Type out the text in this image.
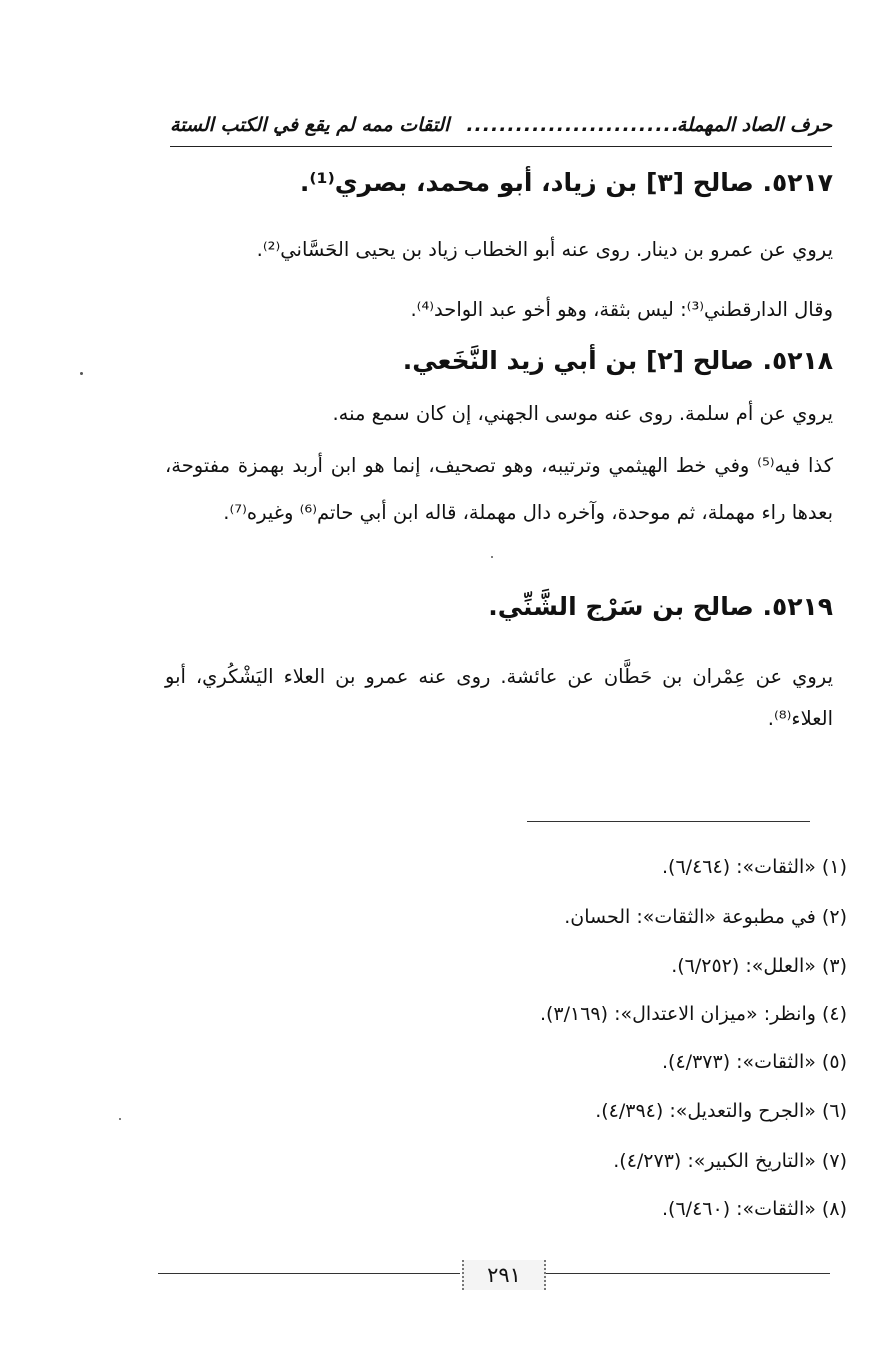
حرف الصاد المهملة
..........................
التقات ممه لم يقع في الكتب الستة
٥٢١٧. صالح [٣] بن زياد، أبو محمد، بصري⁽¹⁾.
يروي عن عمرو بن دينار. روى عنه أبو الخطاب زياد بن يحيى الحَسَّاني⁽²⁾.
وقال الدارقطني⁽³⁾: ليس بثقة، وهو أخو عبد الواحد⁽⁴⁾.
٥٢١٨. صالح [٢] بن أبي زيد النَّخَعي.
يروي عن أم سلمة. روى عنه موسى الجهني، إن كان سمع منه.
كذا فيه⁽⁵⁾ وفي خط الهيثمي وترتيبه، وهو تصحيف، إنما هو ابن أربد بهمزة مفتوحة، بعدها راء مهملة، ثم موحدة، وآخره دال مهملة، قاله ابن أبي حاتم⁽⁶⁾ وغيره⁽⁷⁾.
٥٢١٩. صالح بن سَرْج الشَّنِّي.
يروي عن عِمْران بن حَطَّان عن عائشة. روى عنه عمرو بن العلاء اليَشْكُري، أبو العلاء⁽⁸⁾.
(١) «الثقات»: (٦/٤٦٤).
(٢) في مطبوعة «الثقات»: الحسان.
(٣) «العلل»: (٦/٢٥٢).
(٤) وانظر: «ميزان الاعتدال»: (٣/١٦٩).
(٥) «الثقات»: (٤/٣٧٣).
(٦) «الجرح والتعديل»: (٤/٣٩٤).
(٧) «التاريخ الكبير»: (٤/٢٧٣).
(٨) «الثقات»: (٦/٤٦٠).
٢٩١
